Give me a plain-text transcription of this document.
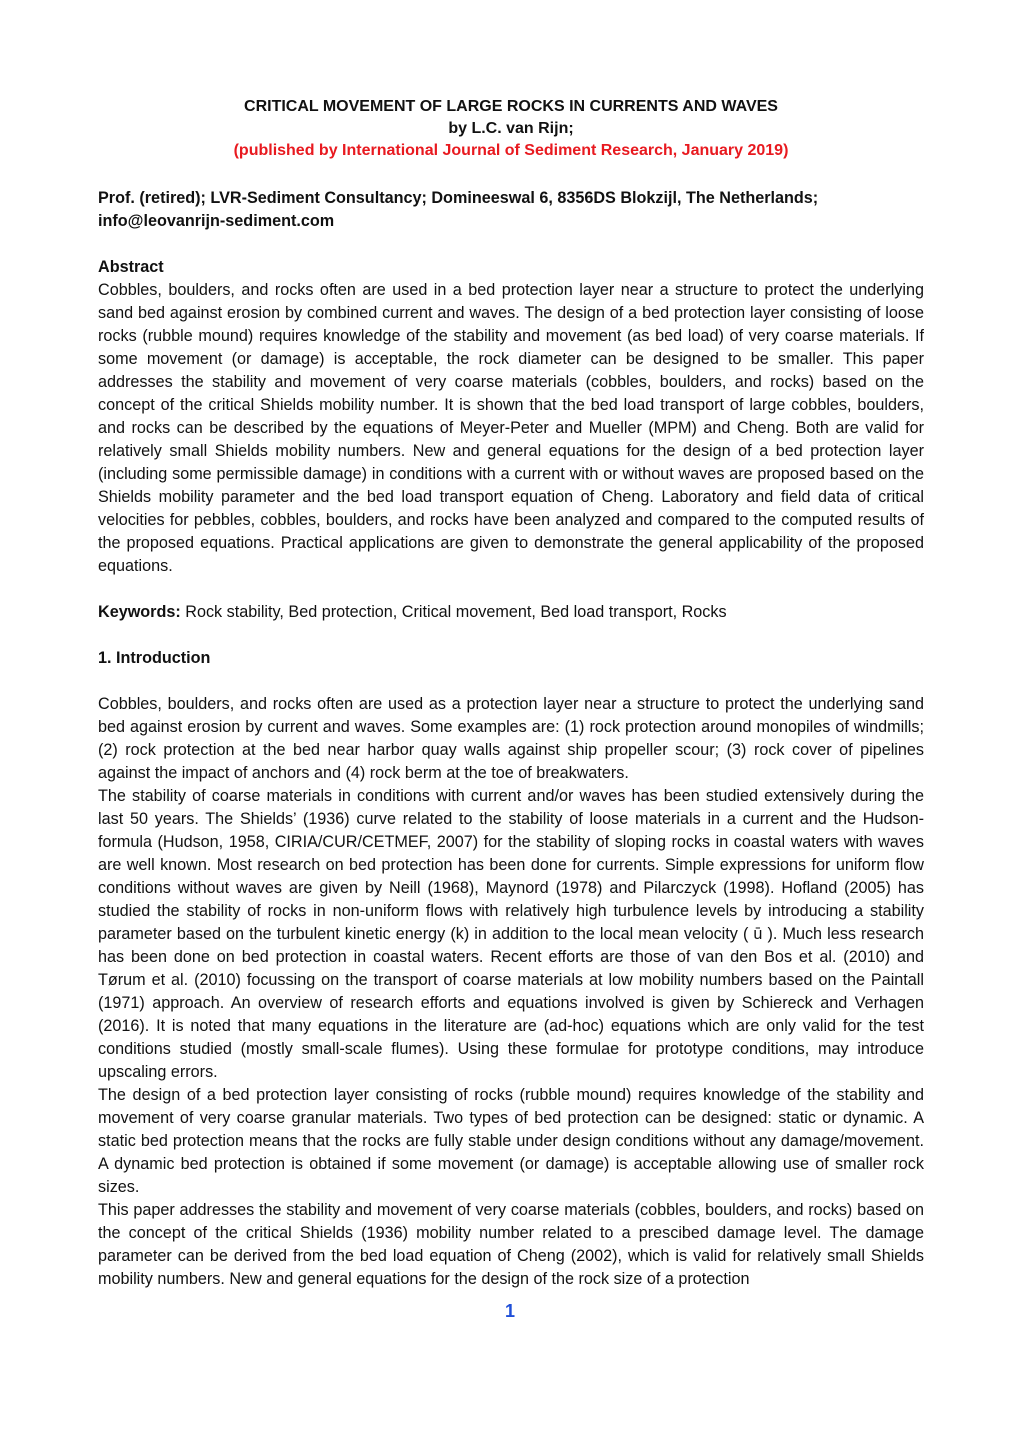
CRITICAL MOVEMENT OF LARGE ROCKS IN CURRENTS AND WAVES

by L.C. van Rijn;

(published by International Journal of Sediment Research, January 2019)

Prof. (retired); LVR-Sediment Consultancy; Domineeswal 6, 8356DS Blokzijl, The Netherlands;

info@leovanrijn-sediment.com

Abstract

Cobbles, boulders, and rocks often are used in a bed protection layer near a structure to protect the underlying sand bed against erosion by combined current and waves. The design of a bed protection layer consisting of loose rocks (rubble mound) requires knowledge of the stability and movement (as bed load) of very coarse materials. If some movement (or damage) is acceptable, the rock diameter can be designed to be smaller. This paper addresses the stability and movement of very coarse materials (cobbles, boulders, and rocks) based on the concept of the critical Shields mobility number. It is shown that the bed load transport of large cobbles, boulders, and rocks can be described by the equations of Meyer-Peter and Mueller (MPM) and Cheng. Both are valid for relatively small Shields mobility numbers. New and general equations for the design of a bed protection layer (including some permissible damage) in conditions with a current with or without waves are proposed based on the Shields mobility parameter and the bed load transport equation of Cheng. Laboratory and field data of critical velocities for pebbles, cobbles, boulders, and rocks have been analyzed and compared to the computed results of the proposed equations. Practical applications are given to demonstrate the general applicability of the proposed equations.

Keywords: Rock stability, Bed protection, Critical movement, Bed load transport, Rocks

1. Introduction

Cobbles, boulders, and rocks often are used as a protection layer near a structure to protect the underlying sand bed against erosion by current and waves. Some examples are: (1) rock protection around monopiles of windmills; (2) rock protection at the bed near harbor quay walls against ship propeller scour; (3) rock cover of pipelines against the impact of anchors and (4) rock berm at the toe of breakwaters.

The stability of coarse materials in conditions with current and/or waves has been studied extensively during the last 50 years. The Shields’ (1936) curve related to the stability of loose materials in a current and the Hudson-formula (Hudson, 1958, CIRIA/CUR/CETMEF, 2007) for the stability of sloping rocks in coastal waters with waves are well known. Most research on bed protection has been done for currents. Simple expressions for uniform flow conditions without waves are given by Neill (1968), Maynord (1978) and Pilarczyck (1998). Hofland (2005) has studied the stability of rocks in non-uniform flows with relatively high turbulence levels by introducing a stability parameter based on the turbulent kinetic energy (k) in addition to the local mean velocity ( ū ). Much less research has been done on bed protection in coastal waters. Recent efforts are those of van den Bos et al. (2010) and Tørum et al. (2010) focussing on the transport of coarse materials at low mobility numbers based on the Paintall (1971) approach. An overview of research efforts and equations involved is given by Schiereck and Verhagen (2016). It is noted that many equations in the literature are (ad-hoc) equations which are only valid for the test conditions studied (mostly small-scale flumes). Using these formulae for prototype conditions, may introduce upscaling errors.

The design of a bed protection layer consisting of rocks (rubble mound) requires knowledge of the stability and movement of very coarse granular materials. Two types of bed protection can be designed: static or dynamic. A static bed protection means that the rocks are fully stable under design conditions without any damage/movement. A dynamic bed protection is obtained if some movement (or damage) is acceptable allowing use of smaller rock sizes.

This paper addresses the stability and movement of very coarse materials (cobbles, boulders, and rocks) based on the concept of the critical Shields (1936) mobility number related to a prescibed damage level. The damage parameter can be derived from the bed load equation of Cheng (2002), which is valid for relatively small Shields mobility numbers. New and general equations for the design of the rock size of a protection

1
